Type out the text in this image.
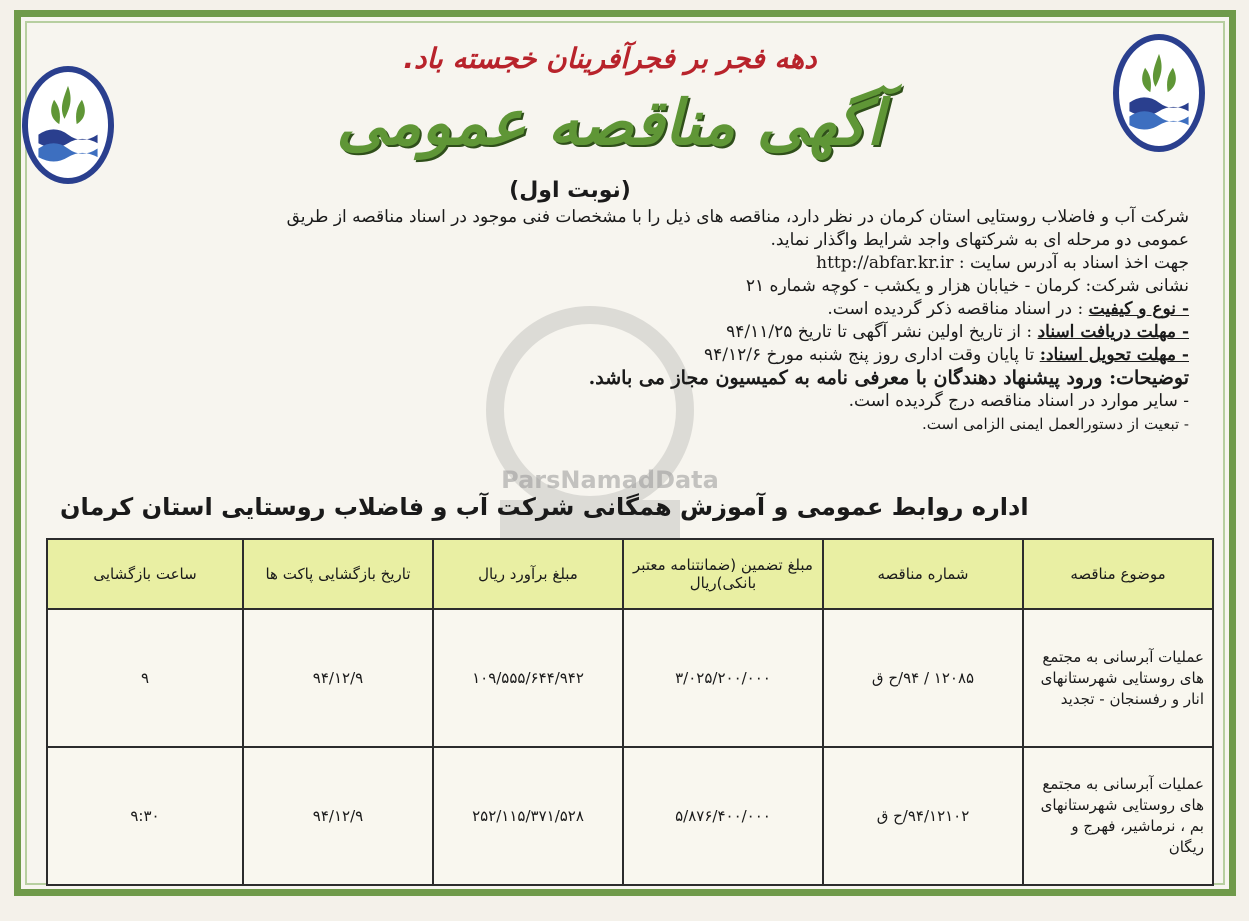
دهه فجر بر فجرآفرینان خجسته باد.
آگهی مناقصه عمومی
(نوبت اول)
ParsNamadData
شرکت آب و فاضلاب روستایی استان کرمان در نظر دارد، مناقصه های ذیل را با مشخصات فنی موجود در اسناد مناقصه از طریق
عمومی دو مرحله ای به شرکتهای واجد شرایط واگذار نماید.
جهت اخذ اسناد به آدرس سایت : http://abfar.kr.ir
نشانی شرکت: کرمان - خیابان هزار و یکشب - کوچه شماره ۲۱
- نوع و کیفیت : در اسناد مناقصه ذکر گردیده است.
- مهلت دریافت اسناد : از تاریخ اولین نشر آگهی تا تاریخ ۹۴/۱۱/۲۵
- مهلت تحویل اسناد: تا پایان وقت اداری روز پنج شنبه مورخ ۹۴/۱۲/۶
توضیحات: ورود پیشنهاد دهندگان با معرفی نامه به کمیسیون مجاز می باشد.
- سایر موارد در اسناد مناقصه درج گردیده است.
- تبعیت از دستورالعمل ایمنی الزامی است.
اداره روابط عمومی و آموزش همگانی شرکت آب و فاضلاب روستایی استان کرمان
موضوع مناقصه	شماره مناقصه	مبلغ تضمین (ضمانتنامه معتبر بانکی)ریال	مبلغ برآورد ریال	تاریخ بازگشایی پاکت ها	ساعت بازگشایی
عملیات آبرسانی به مجتمع های روستایی شهرستانهای انار و رفسنجان - تجدید	۱۲۰۸۵ / ۹۴/ح ق	۳/۰۲۵/۲۰۰/۰۰۰	۱۰۹/۵۵۵/۶۴۴/۹۴۲	۹۴/۱۲/۹	۹
عملیات آبرسانی به مجتمع های روستایی شهرستانهای بم ، نرماشیر، فهرج و ریگان	۹۴/۱۲۱۰۲/ح ق	۵/۸۷۶/۴۰۰/۰۰۰	۲۵۲/۱۱۵/۳۷۱/۵۲۸	۹۴/۱۲/۹	۹:۳۰
